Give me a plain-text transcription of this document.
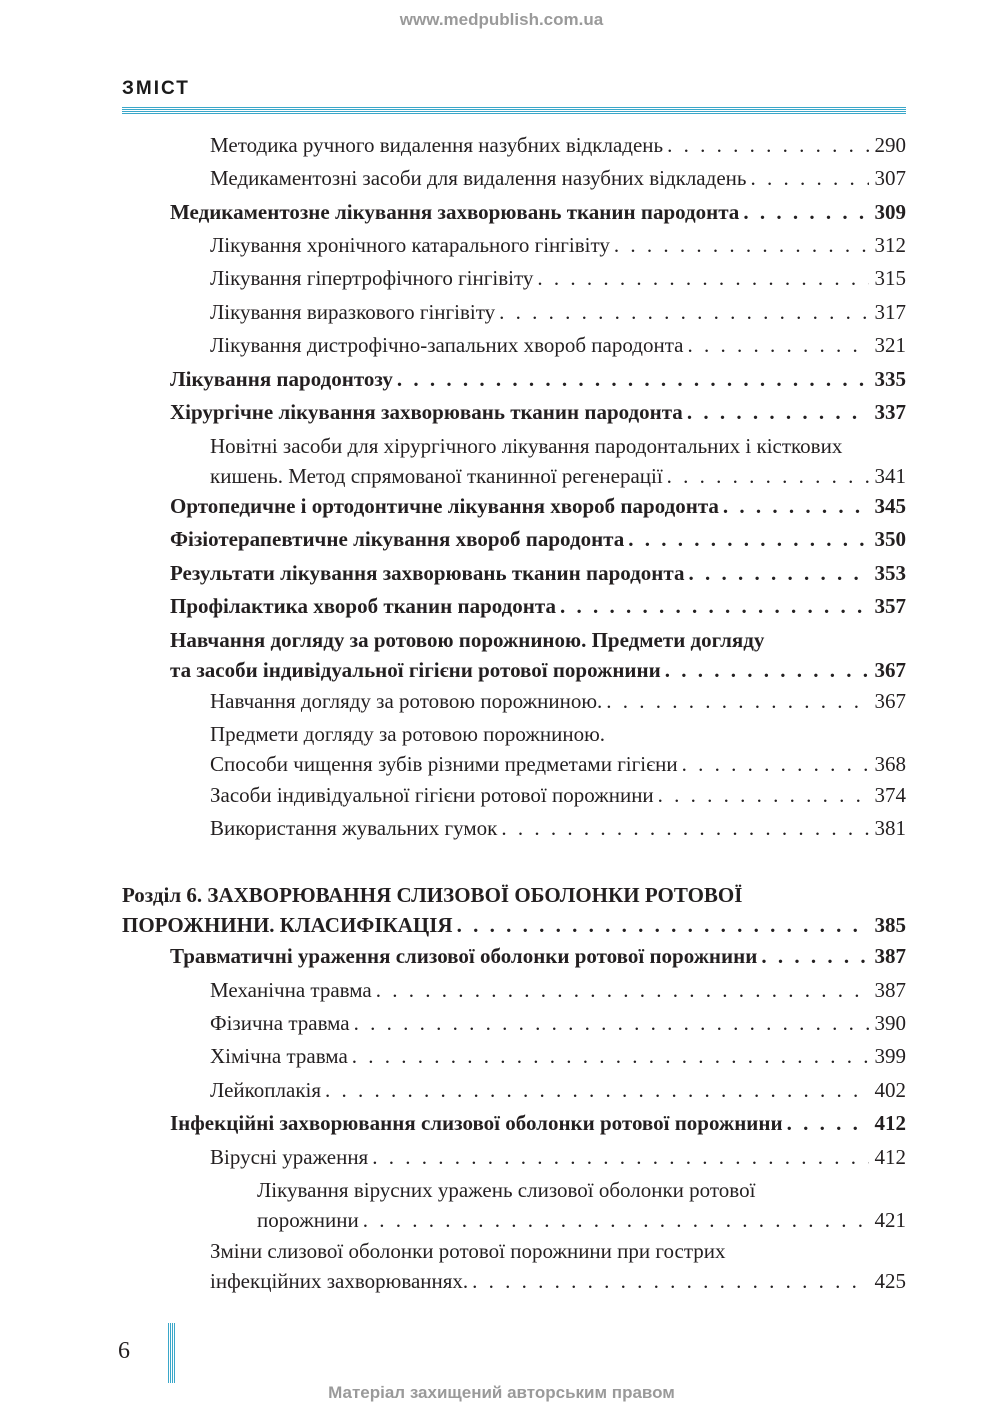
www.medpublish.com.ua
ЗМІСТ
Методика ручного видалення назубних відкладень . . .	290
Медикаментозні засоби для видалення назубних відкладень . . .	307
Медикаментозне лікування захворювань тканин пародонта . . .	309
Лікування хронічного катарального гінгівіту . . .	312
Лікування гіпертрофічного гінгівіту . . .	315
Лікування виразкового гінгівіту . . .	317
Лікування дистрофічно-запальних хвороб пародонта . . .	321
Лікування пародонтозу . . .	335
Хірургічне лікування захворювань тканин пародонта . . .	337
Новітні засоби для хірургічного лікування пародонтальних і кісткових
кишень. Метод спрямованої тканинної регенерації . . .	341
Ортопедичне і ортодонтичне лікування хвороб пародонта . . .	345
Фізіотерапевтичне лікування хвороб пародонта . . .	350
Результати лікування захворювань тканин пародонта . . .	353
Профілактика хвороб тканин пародонта . . .	357
Навчання догляду за ротовою порожниною. Предмети догляду
та засоби індивідуальної гігієни ротової порожнини . . .	367
Навчання догляду за ротовою порожниною. . . .	367
Предмети догляду за ротовою порожниною.
Способи чищення зубів різними предметами гігієни . . .	368
Засоби індивідуальної гігієни ротової порожнини . . .	374
Використання жувальних гумок . . .	381
Розділ 6. ЗАХВОРЮВАННЯ СЛИЗОВОЇ ОБОЛОНКИ РОТОВОЇ
ПОРОЖНИНИ. КЛАСИФІКАЦІЯ . . .	385
Травматичні ураження слизової оболонки ротової порожнини . . .	387
Механічна травма . . .	387
Фізична травма . . .	390
Хімічна травма . . .	399
Лейкоплакія . . .	402
Інфекційні захворювання слизової оболонки ротової порожнини . . .	412
Вірусні ураження . . .	412
Лікування вірусних уражень слизової оболонки ротової
порожнини . . .	421
Зміни слизової оболонки ротової порожнини при гострих
інфекційних захворюваннях. . . .	425
6
Матеріал захищений авторським правом
